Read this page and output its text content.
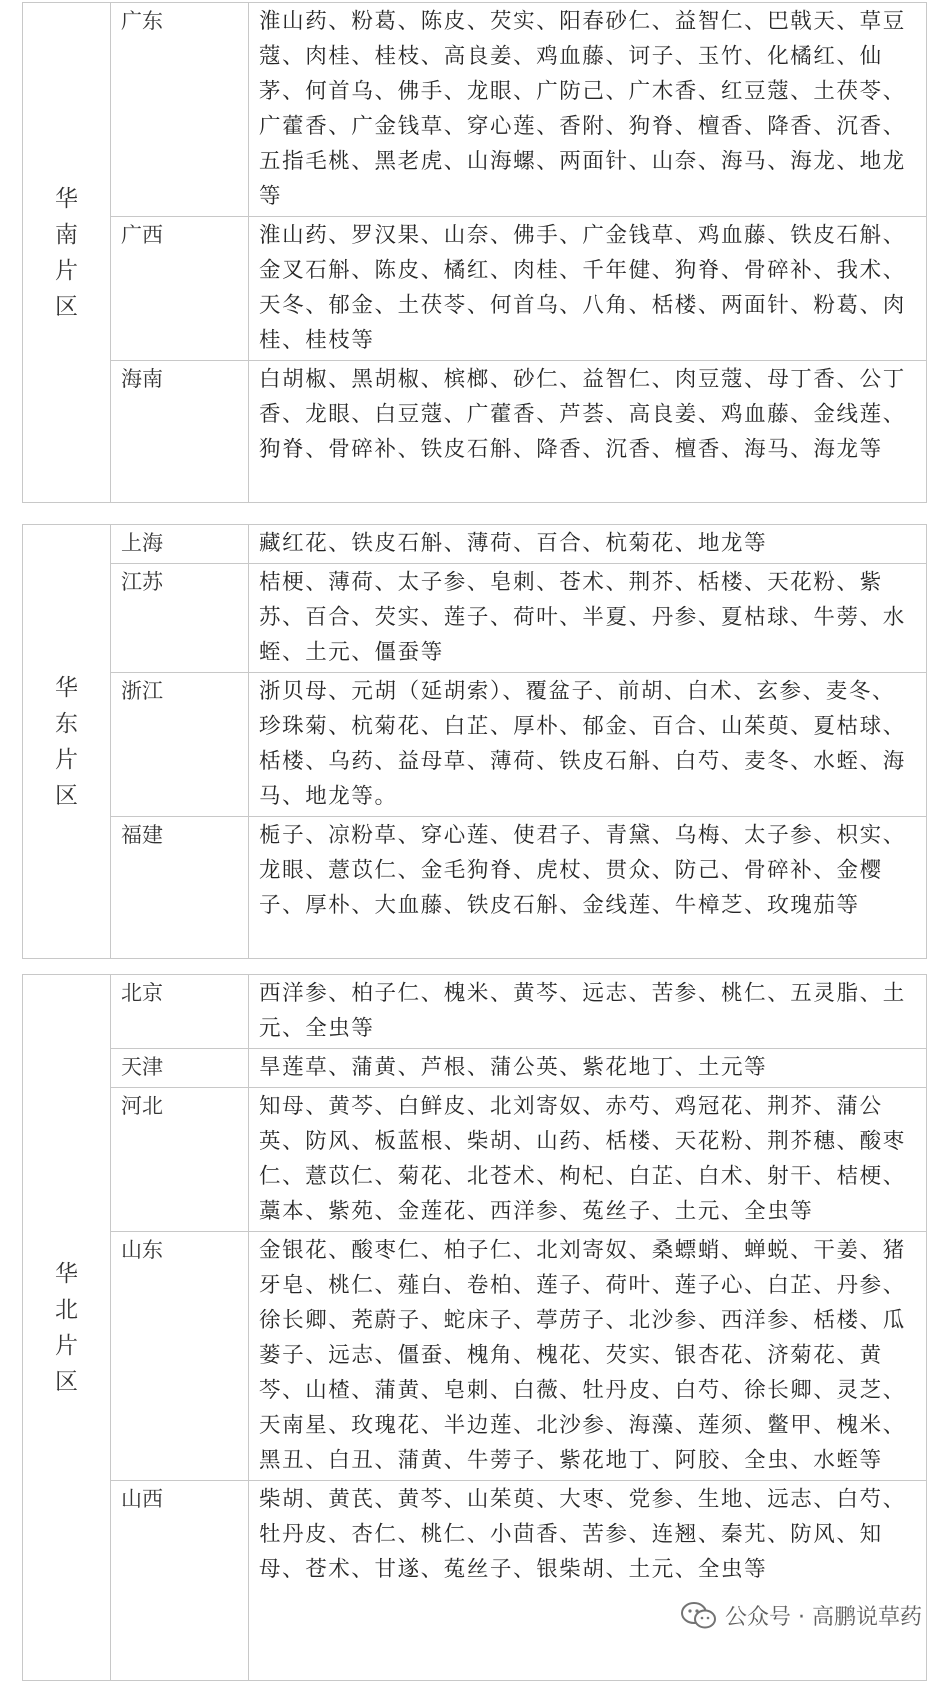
华南片区	广东	淮山药、粉葛、陈皮、芡实、阳春砂仁、益智仁、巴戟天、草豆蔻、肉桂、桂枝、高良姜、鸡血藤、诃子、玉竹、化橘红、仙茅、何首乌、佛手、龙眼、广防己、广木香、红豆蔻、土茯苓、广藿香、广金钱草、穿心莲、香附、狗脊、檀香、降香、沉香、五指毛桃、黑老虎、山海螺、两面针、山奈、海马、海龙、地龙等
	广西	淮山药、罗汉果、山奈、佛手、广金钱草、鸡血藤、铁皮石斛、金叉石斛、陈皮、橘红、肉桂、千年健、狗脊、骨碎补、我术、天冬、郁金、土茯苓、何首乌、八角、栝楼、两面针、粉葛、肉桂、桂枝等
	海南	白胡椒、黑胡椒、槟榔、砂仁、益智仁、肉豆蔻、母丁香、公丁香、龙眼、白豆蔻、广藿香、芦荟、高良姜、鸡血藤、金线莲、狗脊、骨碎补、铁皮石斛、降香、沉香、檀香、海马、海龙等
华东片区	上海	藏红花、铁皮石斛、薄荷、百合、杭菊花、地龙等
	江苏	桔梗、薄荷、太子参、皂刺、苍术、荆芥、栝楼、天花粉、紫苏、百合、芡实、莲子、荷叶、半夏、丹参、夏枯球、牛蒡、水蛭、土元、僵蚕等
	浙江	浙贝母、元胡（延胡索）、覆盆子、前胡、白术、玄参、麦冬、珍珠菊、杭菊花、白芷、厚朴、郁金、百合、山茱萸、夏枯球、栝楼、乌药、益母草、薄荷、铁皮石斛、白芍、麦冬、水蛭、海马、地龙等。
	福建	栀子、凉粉草、穿心莲、使君子、青黛、乌梅、太子参、枳实、龙眼、薏苡仁、金毛狗脊、虎杖、贯众、防己、骨碎补、金樱子、厚朴、大血藤、铁皮石斛、金线莲、牛樟芝、玫瑰茄等
华北片区	北京	西洋参、柏子仁、槐米、黄芩、远志、苦参、桃仁、五灵脂、土元、全虫等
	天津	旱莲草、蒲黄、芦根、蒲公英、紫花地丁、土元等
	河北	知母、黄芩、白鲜皮、北刘寄奴、赤芍、鸡冠花、荆芥、蒲公英、防风、板蓝根、柴胡、山药、栝楼、天花粉、荆芥穗、酸枣仁、薏苡仁、菊花、北苍术、枸杞、白芷、白术、射干、桔梗、藁本、紫苑、金莲花、西洋参、菟丝子、土元、全虫等
	山东	金银花、酸枣仁、柏子仁、北刘寄奴、桑螵蛸、蝉蜕、干姜、猪牙皂、桃仁、薤白、卷柏、莲子、荷叶、莲子心、白芷、丹参、徐长卿、茺蔚子、蛇床子、葶苈子、北沙参、西洋参、栝楼、瓜蒌子、远志、僵蚕、槐角、槐花、芡实、银杏花、济菊花、黄芩、山楂、蒲黄、皂刺、白薇、牡丹皮、白芍、徐长卿、灵芝、天南星、玫瑰花、半边莲、北沙参、海藻、莲须、鳖甲、槐米、黑丑、白丑、蒲黄、牛蒡子、紫花地丁、阿胶、全虫、水蛭等
	山西	柴胡、黄芪、黄芩、山茱萸、大枣、党参、生地、远志、白芍、牡丹皮、杏仁、桃仁、小茴香、苦参、连翘、秦艽、防风、知母、苍术、甘遂、菟丝子、银柴胡、土元、全虫等
公众号 · 高鹏说草药
